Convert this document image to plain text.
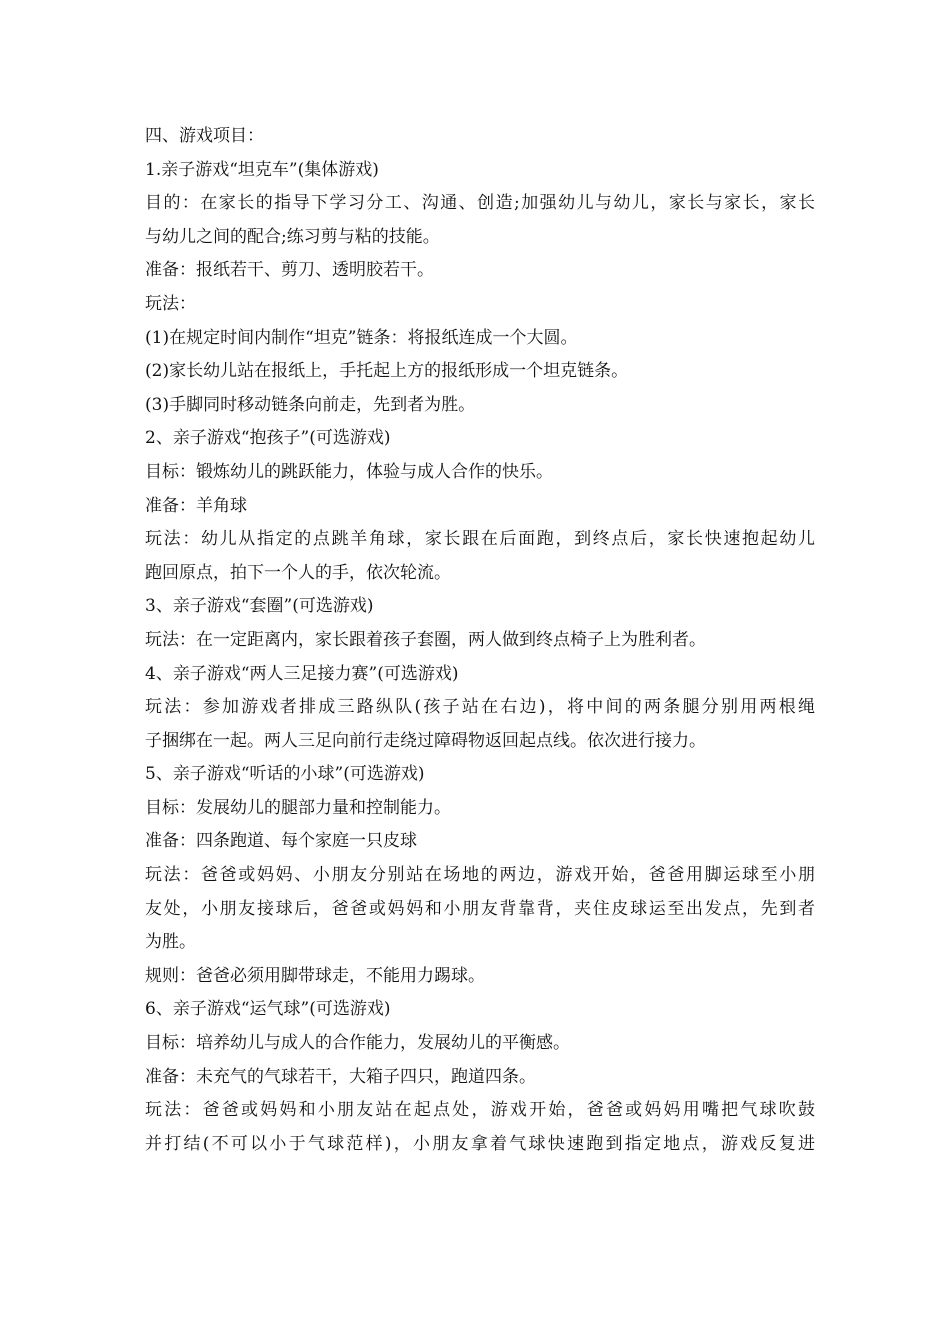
四、游戏项目：
1.亲子游戏“坦克车”(集体游戏)
目的：在家长的指导下学习分工、沟通、创造;加强幼儿与幼儿，家长与家长，家长
与幼儿之间的配合;练习剪与粘的技能。
准备：报纸若干、剪刀、透明胶若干。
玩法：
(1)在规定时间内制作“坦克”链条：将报纸连成一个大圆。
(2)家长幼儿站在报纸上，手托起上方的报纸形成一个坦克链条。
(3)手脚同时移动链条向前走，先到者为胜。
2、亲子游戏“抱孩子”(可选游戏)
目标：锻炼幼儿的跳跃能力，体验与成人合作的快乐。
准备：羊角球
玩法：幼儿从指定的点跳羊角球，家长跟在后面跑，到终点后，家长快速抱起幼儿
跑回原点，拍下一个人的手，依次轮流。
3、亲子游戏“套圈”(可选游戏)
玩法：在一定距离内，家长跟着孩子套圈，两人做到终点椅子上为胜利者。
4、亲子游戏“两人三足接力赛”(可选游戏)
玩法：参加游戏者排成三路纵队(孩子站在右边)，将中间的两条腿分别用两根绳
子捆绑在一起。两人三足向前行走绕过障碍物返回起点线。依次进行接力。
5、亲子游戏“听话的小球”(可选游戏)
目标：发展幼儿的腿部力量和控制能力。
准备：四条跑道、每个家庭一只皮球
玩法：爸爸或妈妈、小朋友分别站在场地的两边，游戏开始，爸爸用脚运球至小朋
友处，小朋友接球后，爸爸或妈妈和小朋友背靠背，夹住皮球运至出发点，先到者
为胜。
规则：爸爸必须用脚带球走，不能用力踢球。
6、亲子游戏“运气球”(可选游戏)
目标：培养幼儿与成人的合作能力，发展幼儿的平衡感。
准备：未充气的气球若干，大箱子四只，跑道四条。
玩法：爸爸或妈妈和小朋友站在起点处，游戏开始，爸爸或妈妈用嘴把气球吹鼓
并打结(不可以小于气球范样)，小朋友拿着气球快速跑到指定地点，游戏反复进
